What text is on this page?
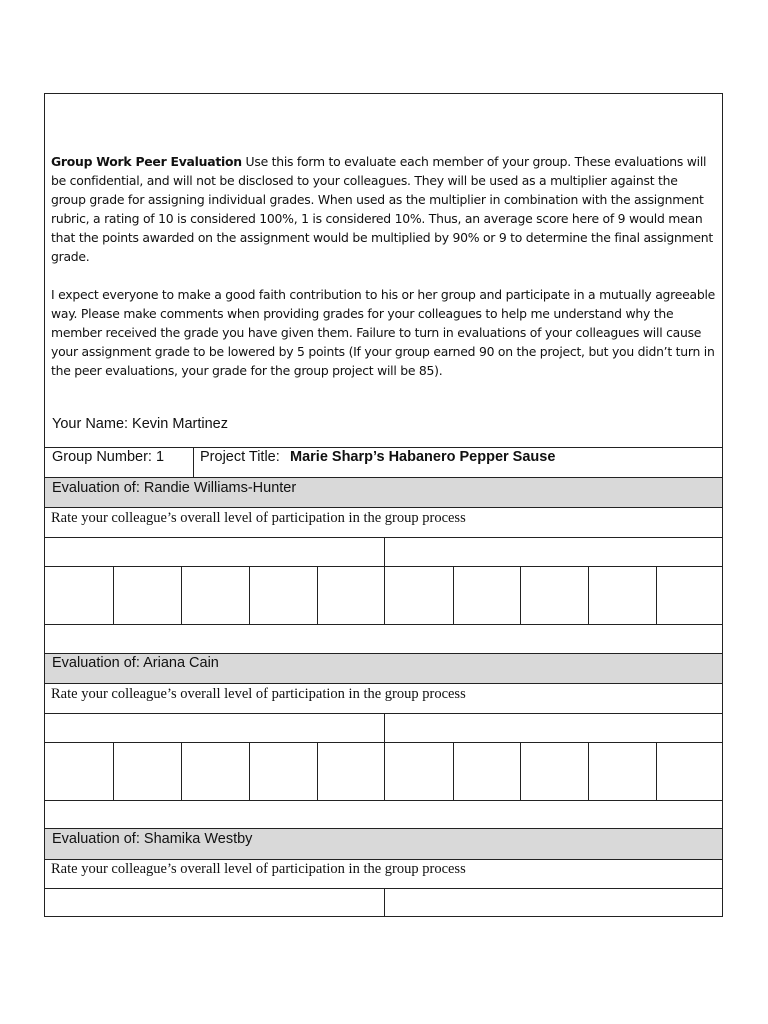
Group Work Peer Evaluation Use this form to evaluate each member of your group. These evaluations will be confidential, and will not be disclosed to your colleagues. They will be used as a multiplier against the group grade for assigning individual grades. When used as the multiplier in combination with the assignment rubric, a rating of 10 is considered 100%, 1 is considered 10%. Thus, an average score here of 9 would mean that the points awarded on the assignment would be multiplied by 90% or 9 to determine the final assignment grade.
I expect everyone to make a good faith contribution to his or her group and participate in a mutually agreeable way. Please make comments when providing grades for your colleagues to help me understand why the member received the grade you have given them. Failure to turn in evaluations of your colleagues will cause your assignment grade to be lowered by 5 points (If your group earned 90 on the project, but you didn’t turn in the peer evaluations, your grade for the group project will be 85).
Your Name: Kevin Martinez
Group Number: 1 Project Title: Marie Sharp’s Habanero Pepper Sause
Evaluation of: Randie Williams-Hunter
Rate your colleague’s overall level of participation in the group process
Evaluation of: Ariana Cain
Rate your colleague’s overall level of participation in the group process
Evaluation of: Shamika Westby
Rate your colleague’s overall level of participation in the group process
